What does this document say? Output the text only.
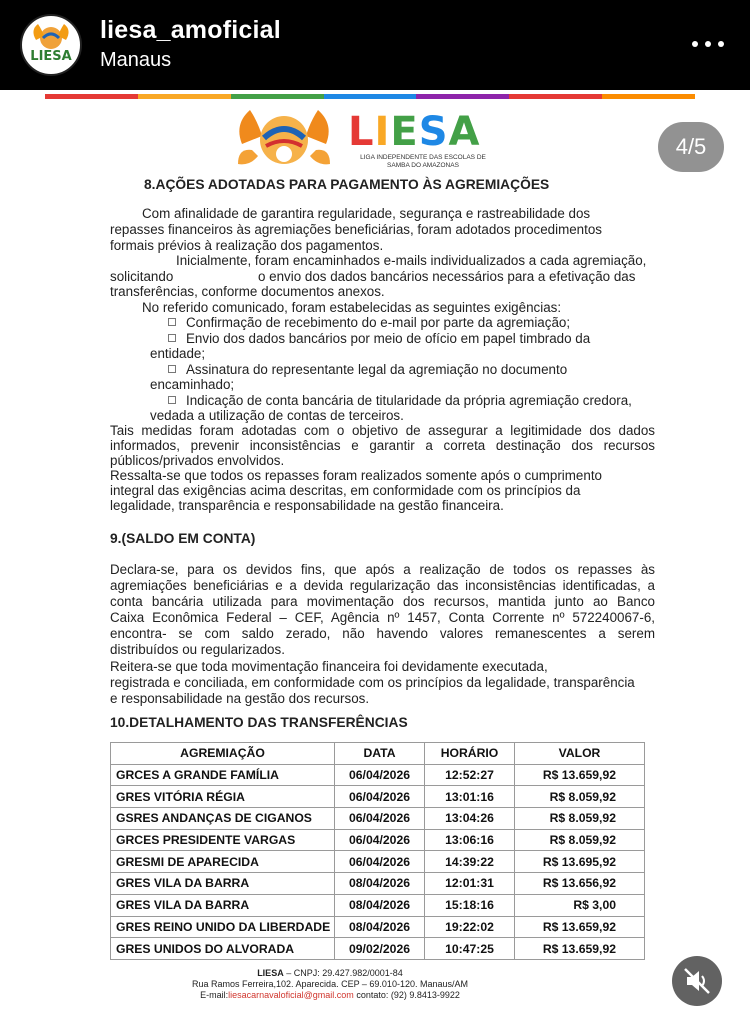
LIESA
liesa_amoficial
Manaus
LIESA
LIGA INDEPENDENTE DAS ESCOLAS DE SAMBA DO AMAZONAS
4/5
8.AÇÕES ADOTADAS PARA PAGAMENTO ÀS AGREMIAÇÕES
Com afinalidade de garantira regularidade, segurança e rastreabilidade dos
repasses financeiros às agremiações beneficiárias, foram adotados procedimentos
formais prévios à realização dos pagamentos.
Inicialmente, foram encaminhados e-mails individualizados a cada agremiação,
solicitando	o envio dos dados bancários necessários para a efetivação das
transferências, conforme documentos anexos.
No referido comunicado, foram estabelecidas as seguintes exigências:
Confirmação de recebimento do e-mail por parte da agremiação;
Envio dos dados bancários por meio de ofício em papel timbrado da
entidade;
Assinatura do representante legal da agremiação no documento
encaminhado;
Indicação de conta bancária de titularidade da própria agremiação credora,
vedada a utilização de contas de terceiros.
Tais medidas foram adotadas com o objetivo de assegurar a legitimidade dos dados
informados, prevenir inconsistências e garantir a correta destinação dos recursos
públicos/privados envolvidos.
Ressalta-se que todos os repasses foram realizados somente após o cumprimento
integral das exigências acima descritas, em conformidade com os princípios da
legalidade, transparência e responsabilidade na gestão financeira.
9.(SALDO EM CONTA)
Declara-se, para os devidos fins, que após a realização de todos os repasses às
agremiações beneficiárias e a devida regularização das inconsistências identificadas, a
conta bancária utilizada para movimentação dos recursos, mantida junto ao Banco
Caixa Econômica Federal – CEF, Agência nº 1457, Conta Corrente nº 572240067-6,
encontra- se com saldo zerado, não havendo valores remanescentes a serem
distribuídos ou regularizados.
Reitera-se que toda movimentação financeira foi devidamente executada,
registrada e conciliada, em conformidade com os princípios da legalidade, transparência
e responsabilidade na gestão dos recursos.
10.DETALHAMENTO DAS TRANSFERÊNCIAS
AGREMIAÇÃO	DATA	HORÁRIO	VALOR
GRCES A GRANDE FAMÍLIA	06/04/2026	12:52:27	R$ 13.659,92
GRES VITÓRIA RÉGIA	06/04/2026	13:01:16	R$ 8.059,92
GSRES ANDANÇAS DE CIGANOS	06/04/2026	13:04:26	R$ 8.059,92
GRCES PRESIDENTE VARGAS	06/04/2026	13:06:16	R$ 8.059,92
GRESMI DE APARECIDA	06/04/2026	14:39:22	R$ 13.695,92
GRES VILA DA BARRA	08/04/2026	12:01:31	R$ 13.656,92
GRES VILA DA BARRA	08/04/2026	15:18:16	R$ 3,00
GRES REINO UNIDO DA LIBERDADE	08/04/2026	19:22:02	R$ 13.659,92
GRES UNIDOS DO ALVORADA	09/02/2026	10:47:25	R$ 13.659,92
LIESA – CNPJ: 29.427.982/0001-84
Rua Ramos Ferreira,102. Aparecida. CEP – 69.010-120. Manaus/AM
E-mail:liesacarnavaloficial@gmail.com contato: (92) 9.8413-9922
